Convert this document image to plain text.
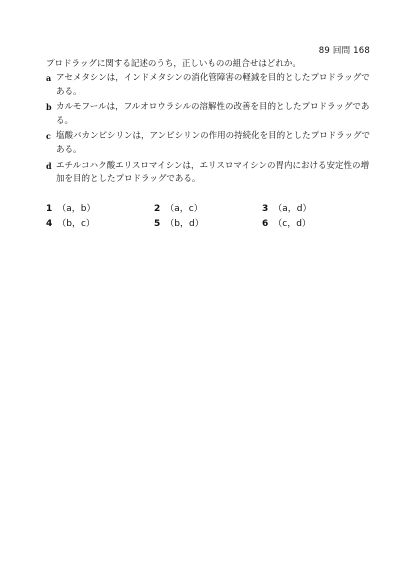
89 回問 168
プロドラッグに関する記述のうち，正しいものの組合せはどれか。
a アセメタシンは，インドメタシンの消化管障害の軽減を目的としたプロドラッグである。
b カルモフールは，フルオロウラシルの溶解性の改善を目的としたプロドラッグである。
c 塩酸バカンピシリンは，アンピシリンの作用の持続化を目的としたプロドラッグである。
d エチルコハク酸エリスロマイシンは，エリスロマイシンの胃内における安定性の増加を目的としたプロドラッグである。
1 （a，b）	2 （a，c）	3 （a，d）
4 （b，c）	5 （b，d）	6 （c，d）
